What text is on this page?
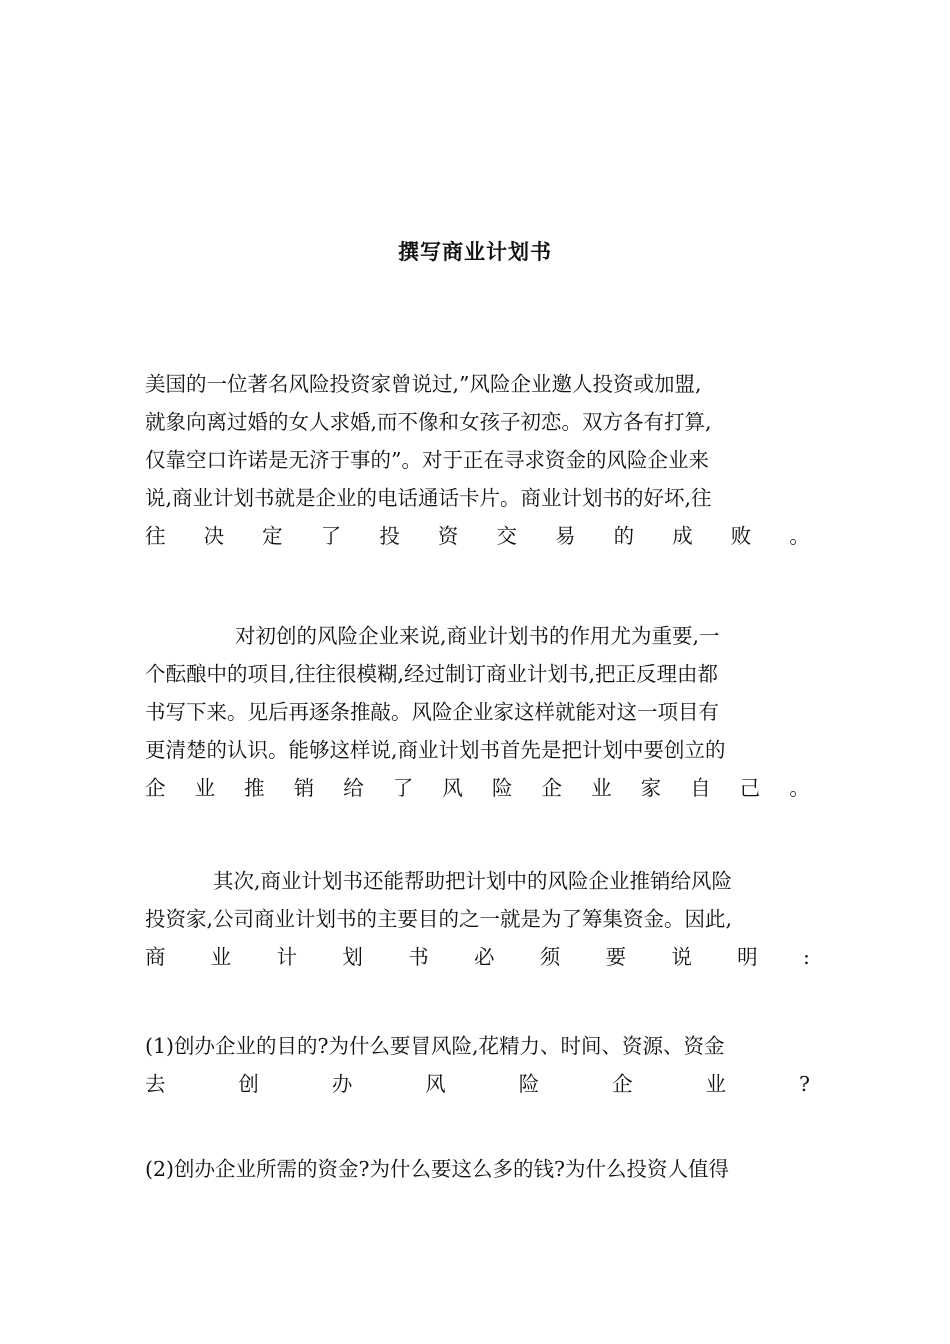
撰写商业计划书
美国的一位著名风险投资家曾说过,”风险企业邀人投资或加盟,
就象向离过婚的女人求婚,而不像和女孩子初恋。双方各有打算,
仅靠空口许诺是无济于事的”。对于正在寻求资金的风险企业来
说,商业计划书就是企业的电话通话卡片。商业计划书的好坏,往
往 决 定 了 投 资 交 易 的 成 败 。
对初创的风险企业来说,商业计划书的作用尤为重要,一
个酝酿中的项目,往往很模糊,经过制订商业计划书,把正反理由都
书写下来。见后再逐条推敲。风险企业家这样就能对这一项目有
更清楚的认识。能够这样说,商业计划书首先是把计划中要创立的
企 业 推 销 给 了 风 险 企 业 家 自 己 。
其次,商业计划书还能帮助把计划中的风险企业推销给风险
投资家,公司商业计划书的主要目的之一就是为了筹集资金。因此,
商 业 计 划 书 必 须 要 说 明 :
(1)创办企业的目的?为什么要冒风险,花精力、时间、资源、资金
去	创	办	风	险	企	业	?
(2)创办企业所需的资金?为什么要这么多的钱?为什么投资人值得
